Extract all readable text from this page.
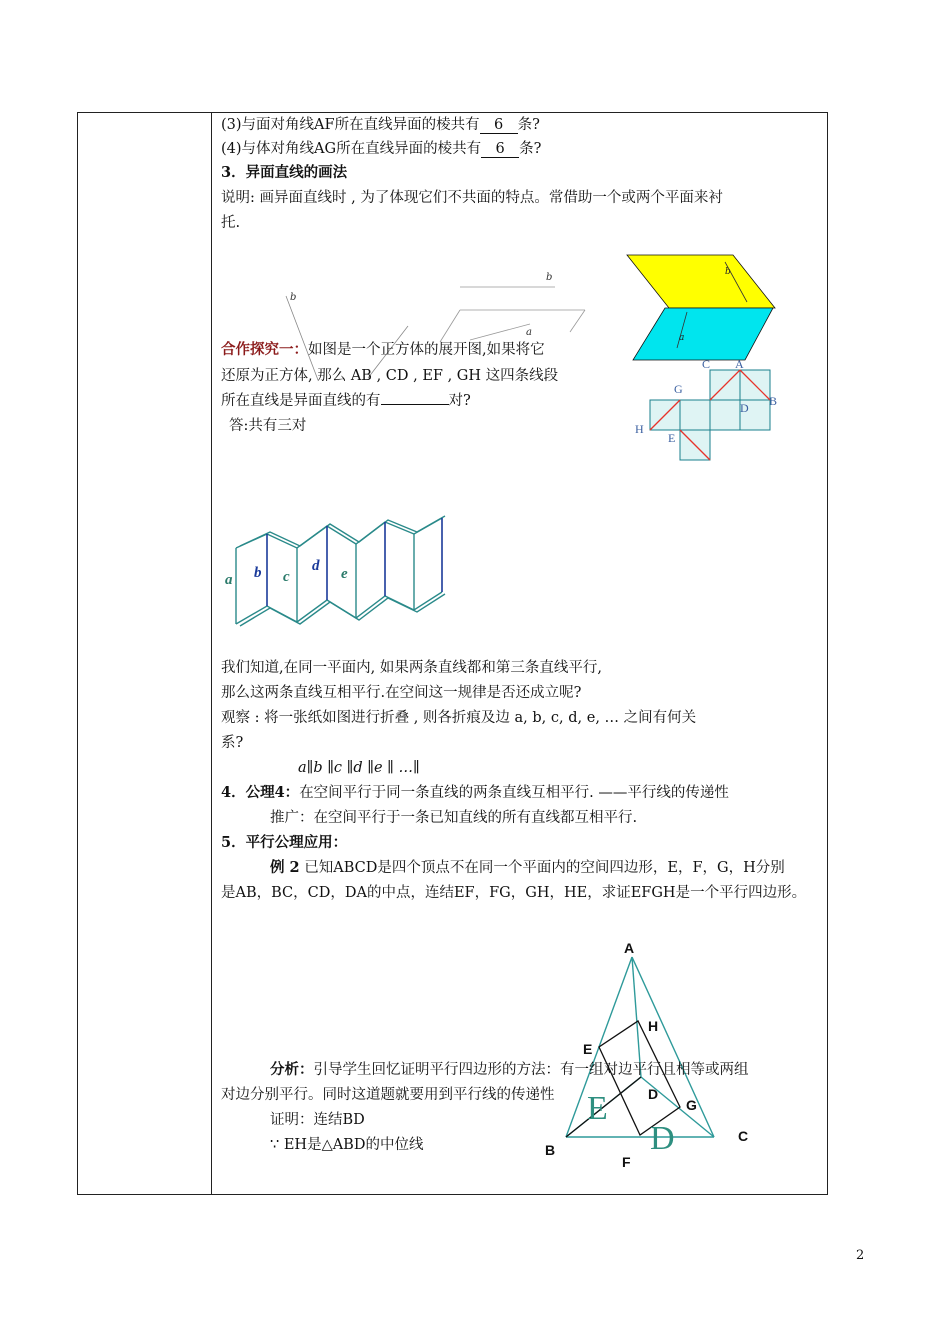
(3)与面对角线AF所在直线异面的棱共有 6 条?
(4)与体对角线AG所在直线异面的棱共有 6 条?
3．异面直线的画法
说明: 画异面直线时 , 为了体现它们不共面的特点。常借助一个或两个平面来衬
托.
b
b
a
b
a
合作探究一：如图是一个正方体的展开图,如果将它
还原为正方体, 那么 AB , CD , EF , GH 这四条线段
所在直线是异面直线的有	对?
答:共有三对
C A
G
D B
H
E
a b c
d e
我们知道,在同一平面内, 如果两条直线都和第三条直线平行,
那么这两条直线互相平行.在空间这一规律是否还成立呢?
观察 : 将一张纸如图进行折叠 , 则各折痕及边 a, b, c, d, e, … 之间有何关
系?
a∥b ∥c ∥d ∥e ∥ …∥
4．公理4：在空间平行于同一条直线的两条直线互相平行. ——平行线的传递性
推广：在空间平行于一条已知直线的所有直线都互相平行.
5．平行公理应用：
例 2 已知ABCD是四个顶点不在同一个平面内的空间四边形，E，F，G，H分别
是AB，BC，CD，DA的中点，连结EF，FG，GH，HE，求证EFGH是一个平行四边形。
A
B
C
D
E
F
G
H
E
D
分析：引导学生回忆证明平行四边形的方法：有一组对边平行且相等或两组
对边分别平行。同时这道题就要用到平行线的传递性
证明：连结BD
∵ EH是△ABD的中位线
2
